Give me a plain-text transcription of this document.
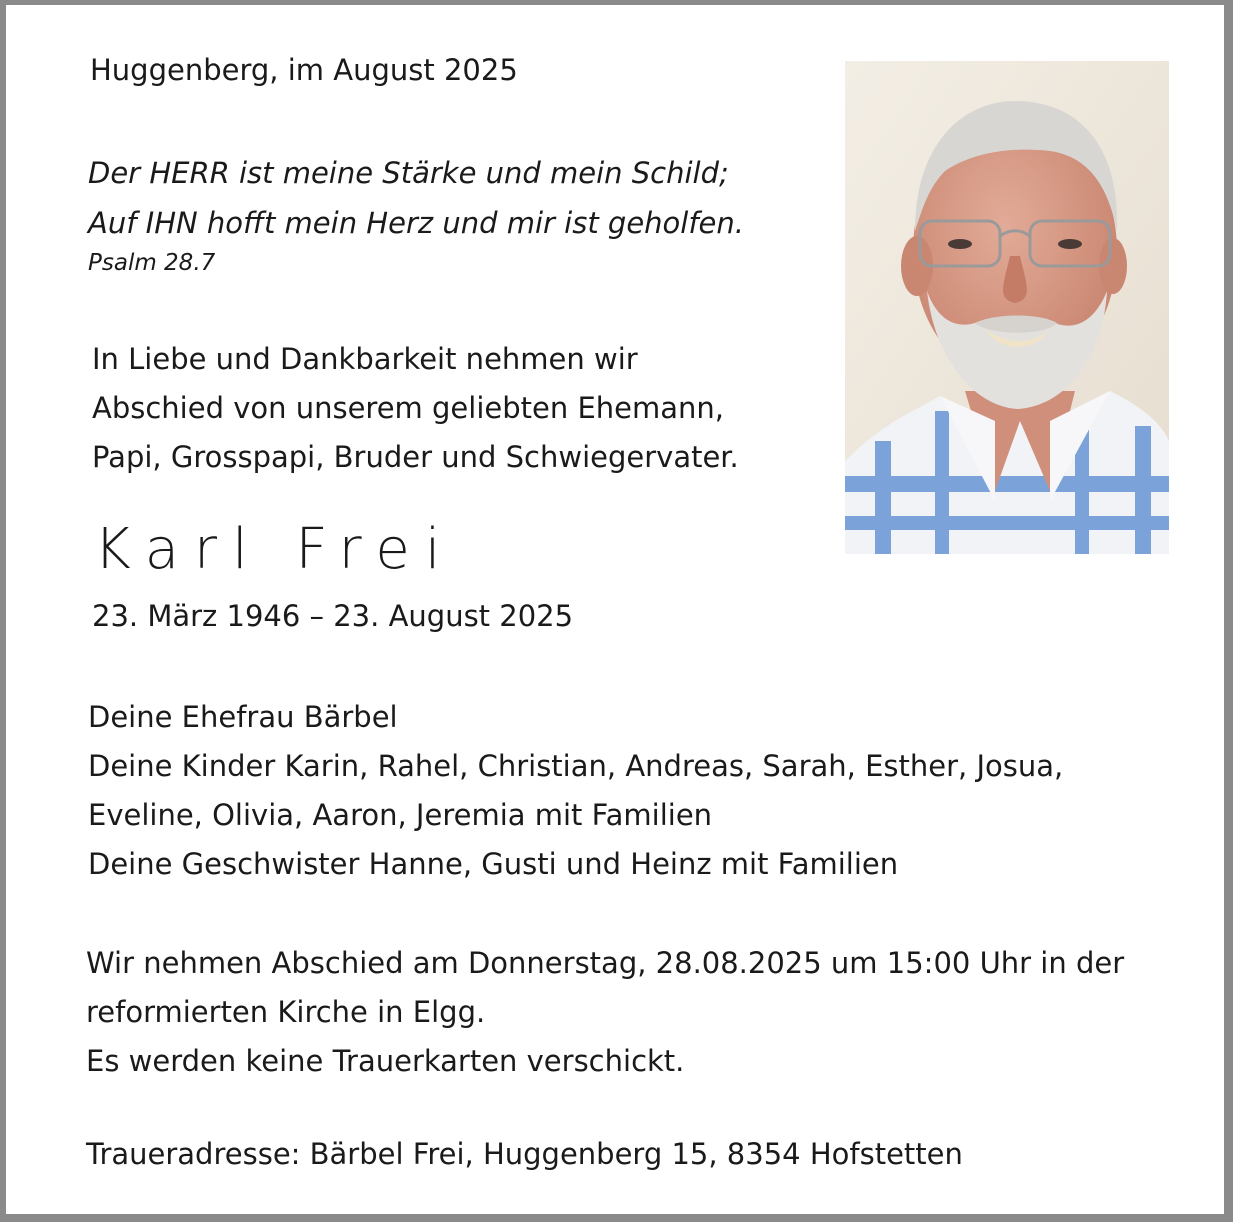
Huggenberg, im August 2025

Der HERR ist meine Stärke und mein Schild;
Auf IHN hofft mein Herz und mir ist geholfen.

Psalm 28.7

In Liebe und Dankbarkeit nehmen wir
Abschied von unserem geliebten Ehemann,
Papi, Grosspapi, Bruder und Schwiegervater.

Karl Frei

23. März 1946 – 23. August 2025

Deine Ehefrau Bärbel
Deine Kinder Karin, Rahel, Christian, Andreas, Sarah, Esther, Josua,
Eveline, Olivia, Aaron, Jeremia mit Familien
Deine Geschwister Hanne, Gusti und Heinz mit Familien
Wir nehmen Abschied am Donnerstag, 28.08.2025 um 15:00 Uhr in der
reformierten Kirche in Elgg.
Es werden keine Trauerkarten verschickt.

Traueradresse: Bärbel Frei, Huggenberg 15, 8354 Hofstetten
